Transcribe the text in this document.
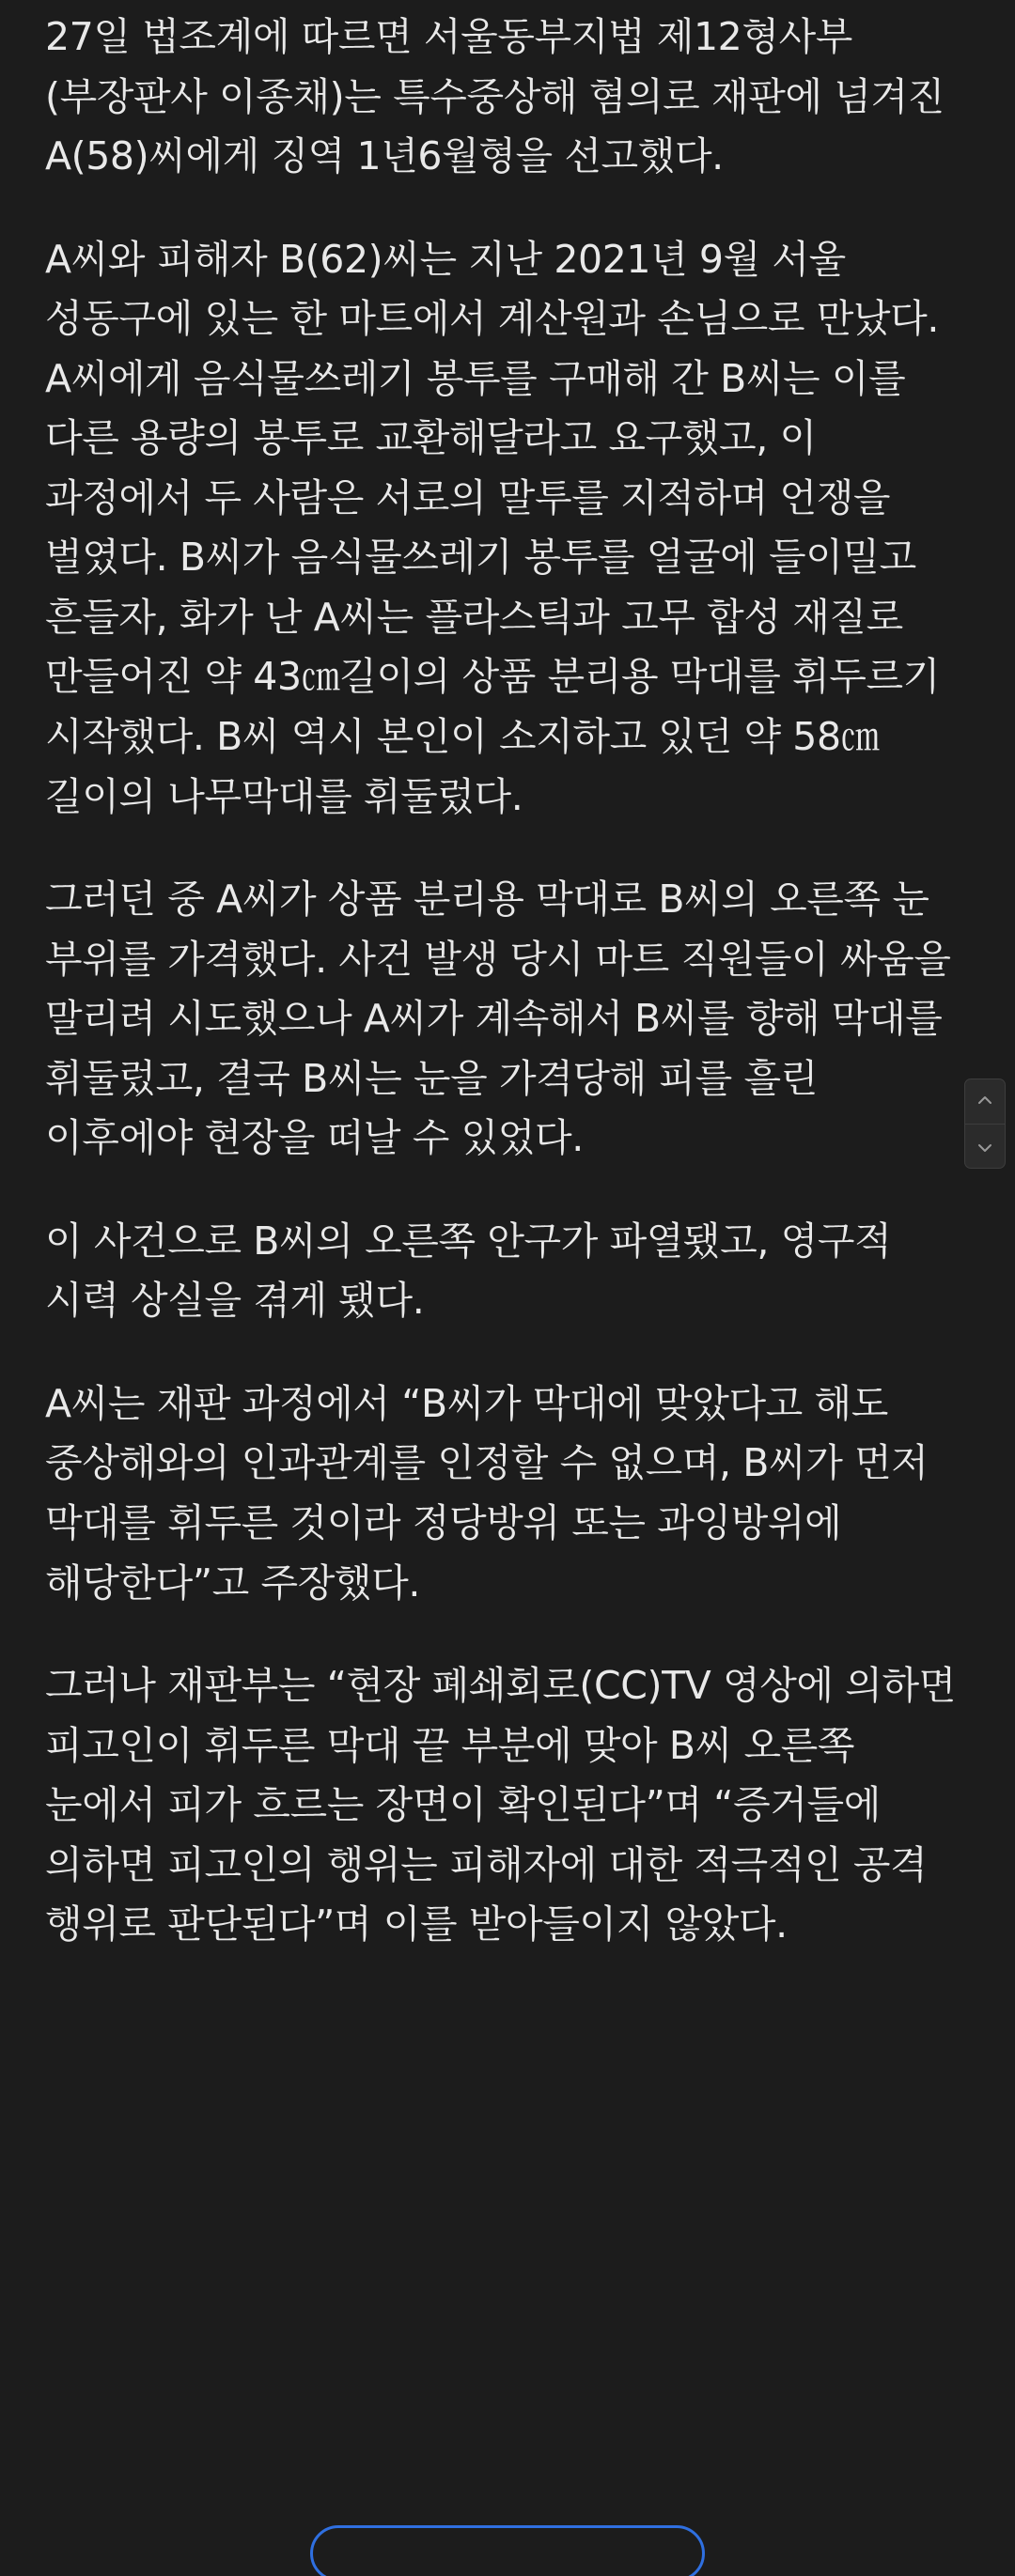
27일 법조계에 따르면 서울동부지법 제12형사부(부장판사 이종채)는 특수중상해 혐의로 재판에 넘겨진 A(58)씨에게 징역 1년6월형을 선고했다.

A씨와 피해자 B(62)씨는 지난 2021년 9월 서울 성동구에 있는 한 마트에서 계산원과 손님으로 만났다. A씨에게 음식물쓰레기 봉투를 구매해 간 B씨는 이를 다른 용량의 봉투로 교환해달라고 요구했고, 이 과정에서 두 사람은 서로의 말투를 지적하며 언쟁을 벌였다. B씨가 음식물쓰레기 봉투를 얼굴에 들이밀고 흔들자, 화가 난 A씨는 플라스틱과 고무 합성 재질로 만들어진 약 43㎝길이의 상품 분리용 막대를 휘두르기 시작했다. B씨 역시 본인이 소지하고 있던 약 58㎝ 길이의 나무막대를 휘둘렀다.

그러던 중 A씨가 상품 분리용 막대로 B씨의 오른쪽 눈 부위를 가격했다. 사건 발생 당시 마트 직원들이 싸움을 말리려 시도했으나 A씨가 계속해서 B씨를 향해 막대를 휘둘렀고, 결국 B씨는 눈을 가격당해 피를 흘린 이후에야 현장을 떠날 수 있었다.

이 사건으로 B씨의 오른쪽 안구가 파열됐고, 영구적 시력 상실을 겪게 됐다.

A씨는 재판 과정에서 “B씨가 막대에 맞았다고 해도 중상해와의 인과관계를 인정할 수 없으며, B씨가 먼저 막대를 휘두른 것이라 정당방위 또는 과잉방위에 해당한다”고 주장했다.

그러나 재판부는 “현장 폐쇄회로(CC)TV 영상에 의하면 피고인이 휘두른 막대 끝 부분에 맞아 B씨 오른쪽 눈에서 피가 흐르는 장면이 확인된다”며 “증거들에 의하면 피고인의 행위는 피해자에 대한 적극적인 공격 행위로 판단된다”며 이를 받아들이지 않았다.
